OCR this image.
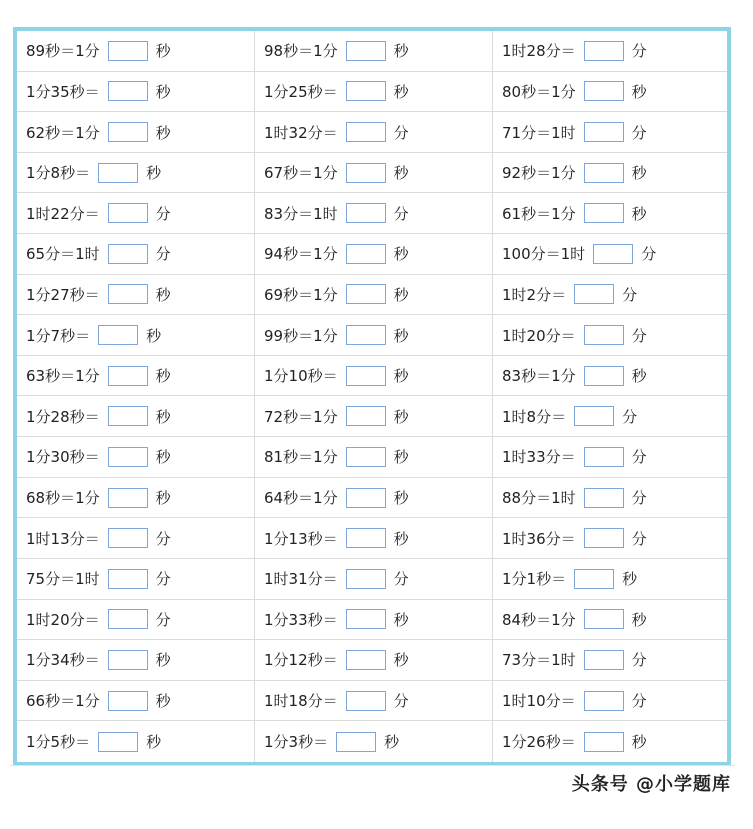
89秒＝1分	秒	98秒＝1分	秒	1时28分＝	分
1分35秒＝	秒	1分25秒＝	秒	80秒＝1分	秒
62秒＝1分	秒	1时32分＝	分	71分＝1时	分
1分8秒＝	秒	67秒＝1分	秒	92秒＝1分	秒
1时22分＝	分	83分＝1时	分	61秒＝1分	秒
65分＝1时	分	94秒＝1分	秒	100分＝1时	分
1分27秒＝	秒	69秒＝1分	秒	1时2分＝	分
1分7秒＝	秒	99秒＝1分	秒	1时20分＝	分
63秒＝1分	秒	1分10秒＝	秒	83秒＝1分	秒
1分28秒＝	秒	72秒＝1分	秒	1时8分＝	分
1分30秒＝	秒	81秒＝1分	秒	1时33分＝	分
68秒＝1分	秒	64秒＝1分	秒	88分＝1时	分
1时13分＝	分	1分13秒＝	秒	1时36分＝	分
75分＝1时	分	1时31分＝	分	1分1秒＝	秒
1时20分＝	分	1分33秒＝	秒	84秒＝1分	秒
1分34秒＝	秒	1分12秒＝	秒	73分＝1时	分
66秒＝1分	秒	1时18分＝	分	1时10分＝	分
1分5秒＝	秒	1分3秒＝	秒	1分26秒＝	秒
头条号 @小学题库
